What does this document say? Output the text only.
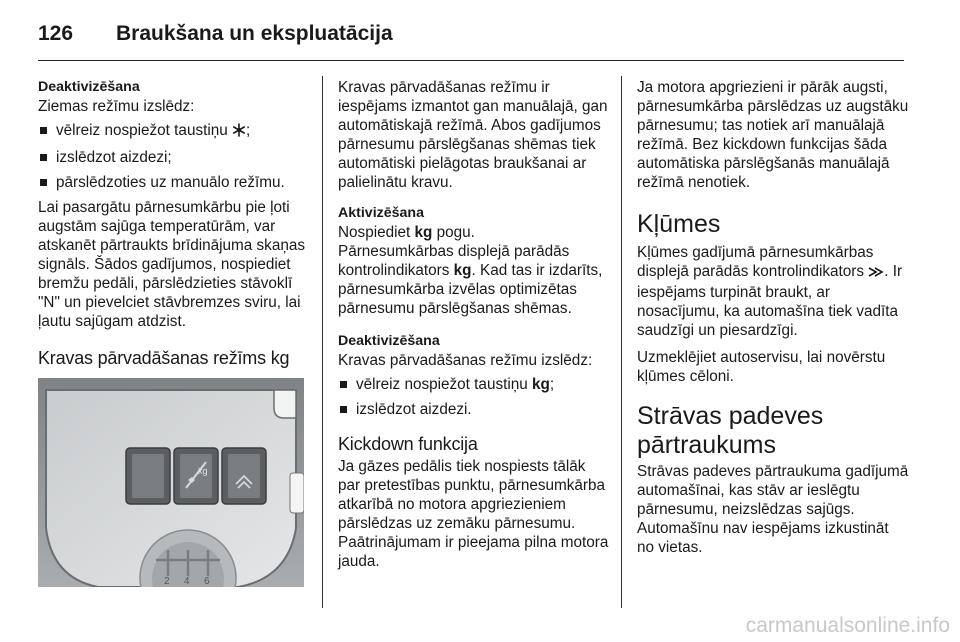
126 Braukšana un ekspluatācija

Deaktivizēšana

Ziemas režīmu izslēdz:

vēlreiz nospiežot taustiņu ;
izslēdzot aizdezi;
pārslēdzoties uz manuālo režīmu.

Lai pasargātu pārnesumkārbu pie ļoti augstām sajūga temperatūrām, var atskanēt pārtraukts brīdinājuma skaņas signāls. Šādos gadījumos, nospiediet bremžu pedāli, pārslēdzieties stāvoklī "N" un pievelciet stāvbremzes sviru, lai ļautu sajūgam atdzist.

Kravas pārvadāšanas režīms kg
kg
2 4 6

Kravas pārvadāšanas režīmu ir iespējams izmantot gan manuālajā, gan automātiskajā režīmā. Abos gadījumos pārnesumu pārslēgšanas shēmas tiek automātiski pielāgotas braukšanai ar palielinātu kravu.

Aktivizēšana

Nospiediet kg pogu.
Pārnesumkārbas displejā parādās kontrolindikators kg. Kad tas ir izdarīts, pārnesumkārba izvēlas optimizētas pārnesumu pārslēgšanas shēmas.

Deaktivizēšana

Kravas pārvadāšanas režīmu izslēdz:

vēlreiz nospiežot taustiņu kg;
izslēdzot aizdezi.
Kickdown funkcija

Ja gāzes pedālis tiek nospiests tālāk par pretestības punktu, pārnesumkārba atkarībā no motora apgriezieniem pārslēdzas uz zemāku pārnesumu. Paātrinājumam ir pieejama pilna motora jauda.

Ja motora apgriezieni ir pārāk augsti, pārnesumkārba pārslēdzas uz augstāku pārnesumu; tas notiek arī manuālajā režīmā. Bez kickdown funkcijas šāda automātiska pārslēgšanās manuālajā režīmā nenotiek.

Kļūmes

Kļūmes gadījumā pārnesumkārbas displejā parādās kontrolindikators . Ir iespējams turpināt braukt, ar nosacījumu, ka automašīna tiek vadīta saudzīgi un piesardzīgi.

Uzmeklējiet autoservisu, lai novērstu kļūmes cēloni.

Strāvas padeves
pārtraukums

Strāvas padeves pārtraukuma gadījumā automašīnai, kas stāv ar ieslēgtu pārnesumu, neizslēdzas sajūgs. Automašīnu nav iespējams izkustināt no vietas.

carmanualsonline.info
